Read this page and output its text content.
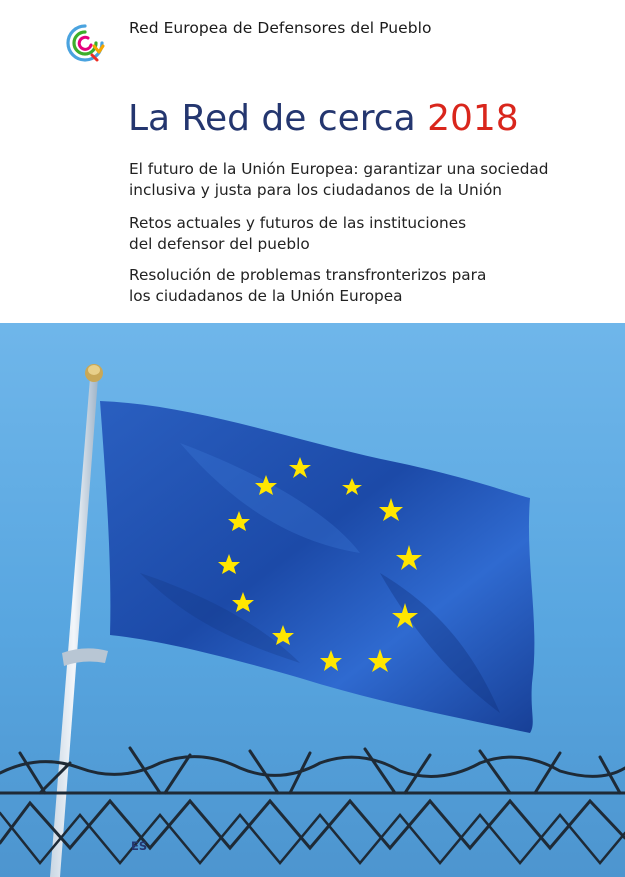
Red Europea de Defensores del Pueblo
La Red de cerca 2018
El futuro de la Unión Europea: garantizar una sociedad
inclusiva y justa para los ciudadanos de la Unión
Retos actuales y futuros de las instituciones
del defensor del pueblo
Resolución de problemas transfronterizos para
los ciudadanos de la Unión Europea
ES
